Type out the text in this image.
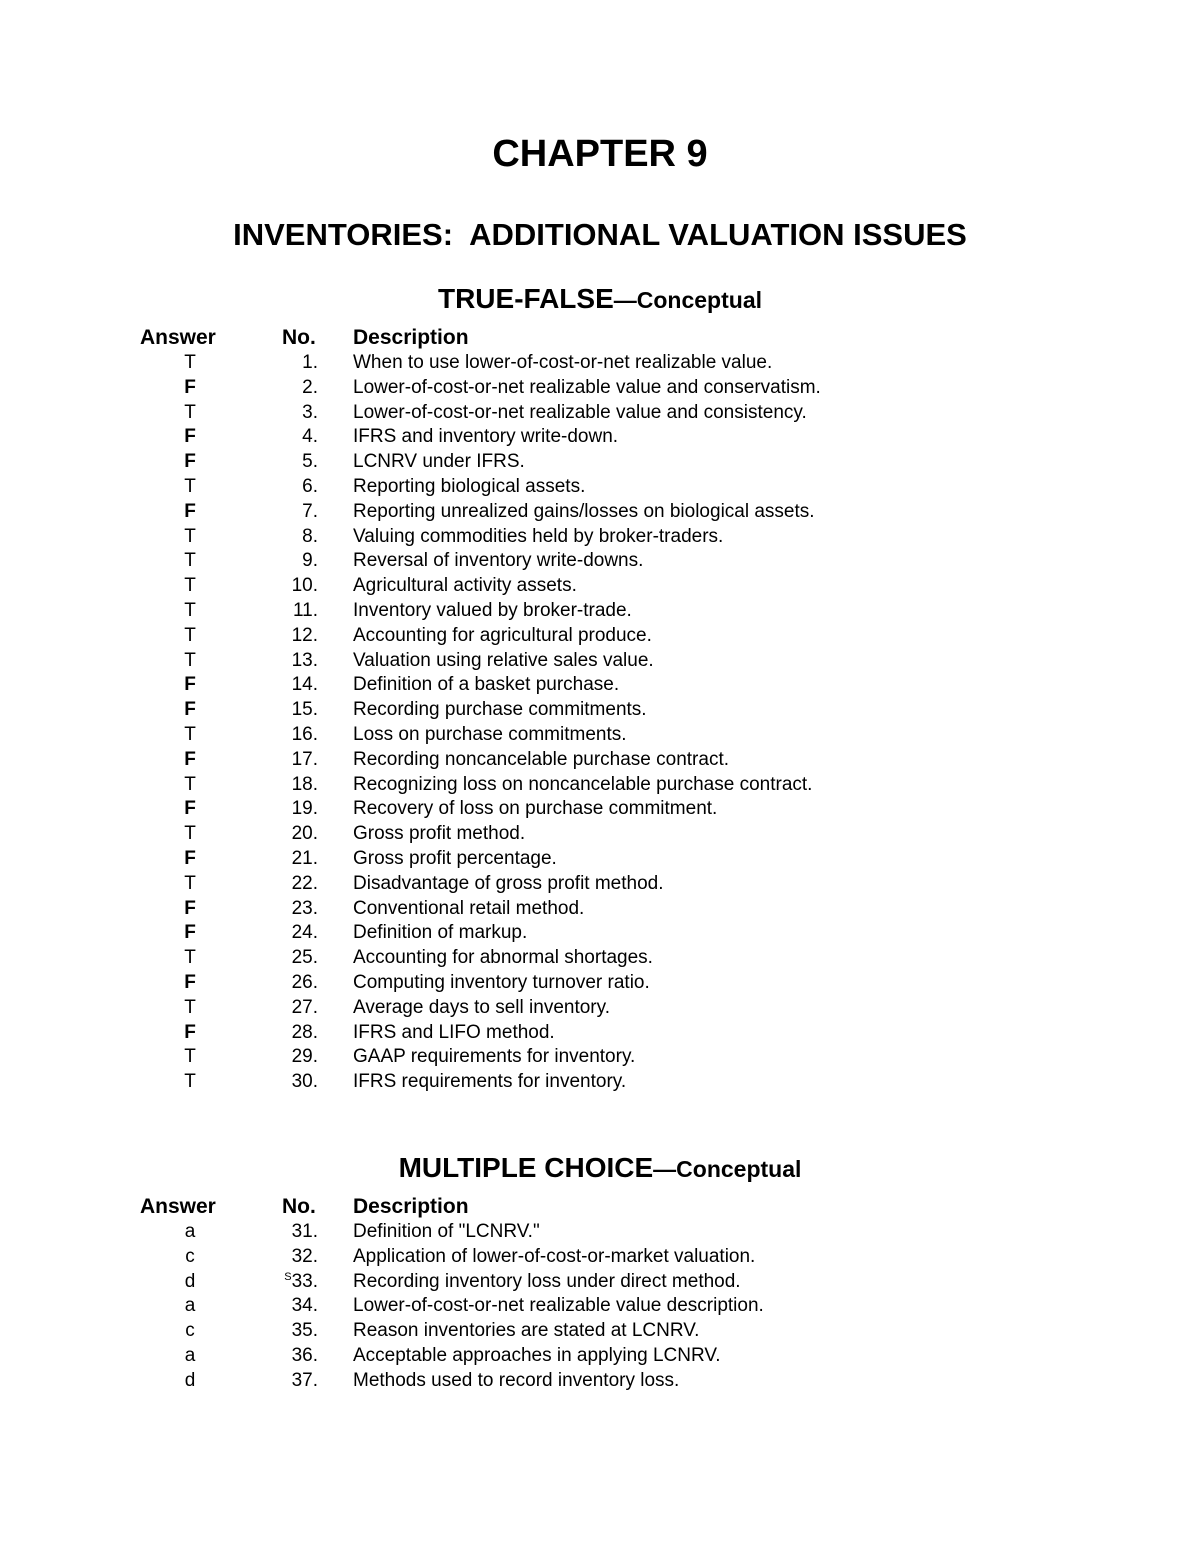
CHAPTER 9
INVENTORIES:  ADDITIONAL VALUATION ISSUES
TRUE-FALSE—Conceptual
Answer	No. Description
T	1. When to use lower-of-cost-or-net realizable value.
F	2. Lower-of-cost-or-net realizable value and conservatism.
T	3. Lower-of-cost-or-net realizable value and consistency.
F	4. IFRS and inventory write-down.
F	5. LCNRV under IFRS.
T	6. Reporting biological assets.
F	7. Reporting unrealized gains/losses on biological assets.
T	8. Valuing commodities held by broker-traders.
T	9. Reversal of inventory write-downs.
T	10. Agricultural activity assets.
T	11. Inventory valued by broker-trade.
T	12. Accounting for agricultural produce.
T	13. Valuation using relative sales value.
F	14. Definition of a basket purchase.
F	15. Recording purchase commitments.
T	16. Loss on purchase commitments.
F	17. Recording noncancelable purchase contract.
T	18. Recognizing loss on noncancelable purchase contract.
F	19. Recovery of loss on purchase commitment.
T	20. Gross profit method.
F	21. Gross profit percentage.
T	22. Disadvantage of gross profit method.
F	23. Conventional retail method.
F	24. Definition of markup.
T	25. Accounting for abnormal shortages.
F	26. Computing inventory turnover ratio.
T	27. Average days to sell inventory.
F	28. IFRS and LIFO method.
T	29. GAAP requirements for inventory.
T	30. IFRS requirements for inventory.
MULTIPLE CHOICE—Conceptual
Answer	No. Description
a	31. Definition of "LCNRV."
c	32. Application of lower-of-cost-or-market valuation.
d	$^S$33. Recording inventory loss under direct method.
a	34. Lower-of-cost-or-net realizable value description.
c	35. Reason inventories are stated at LCNRV.
a	36. Acceptable approaches in applying LCNRV.
d	37. Methods used to record inventory loss.
